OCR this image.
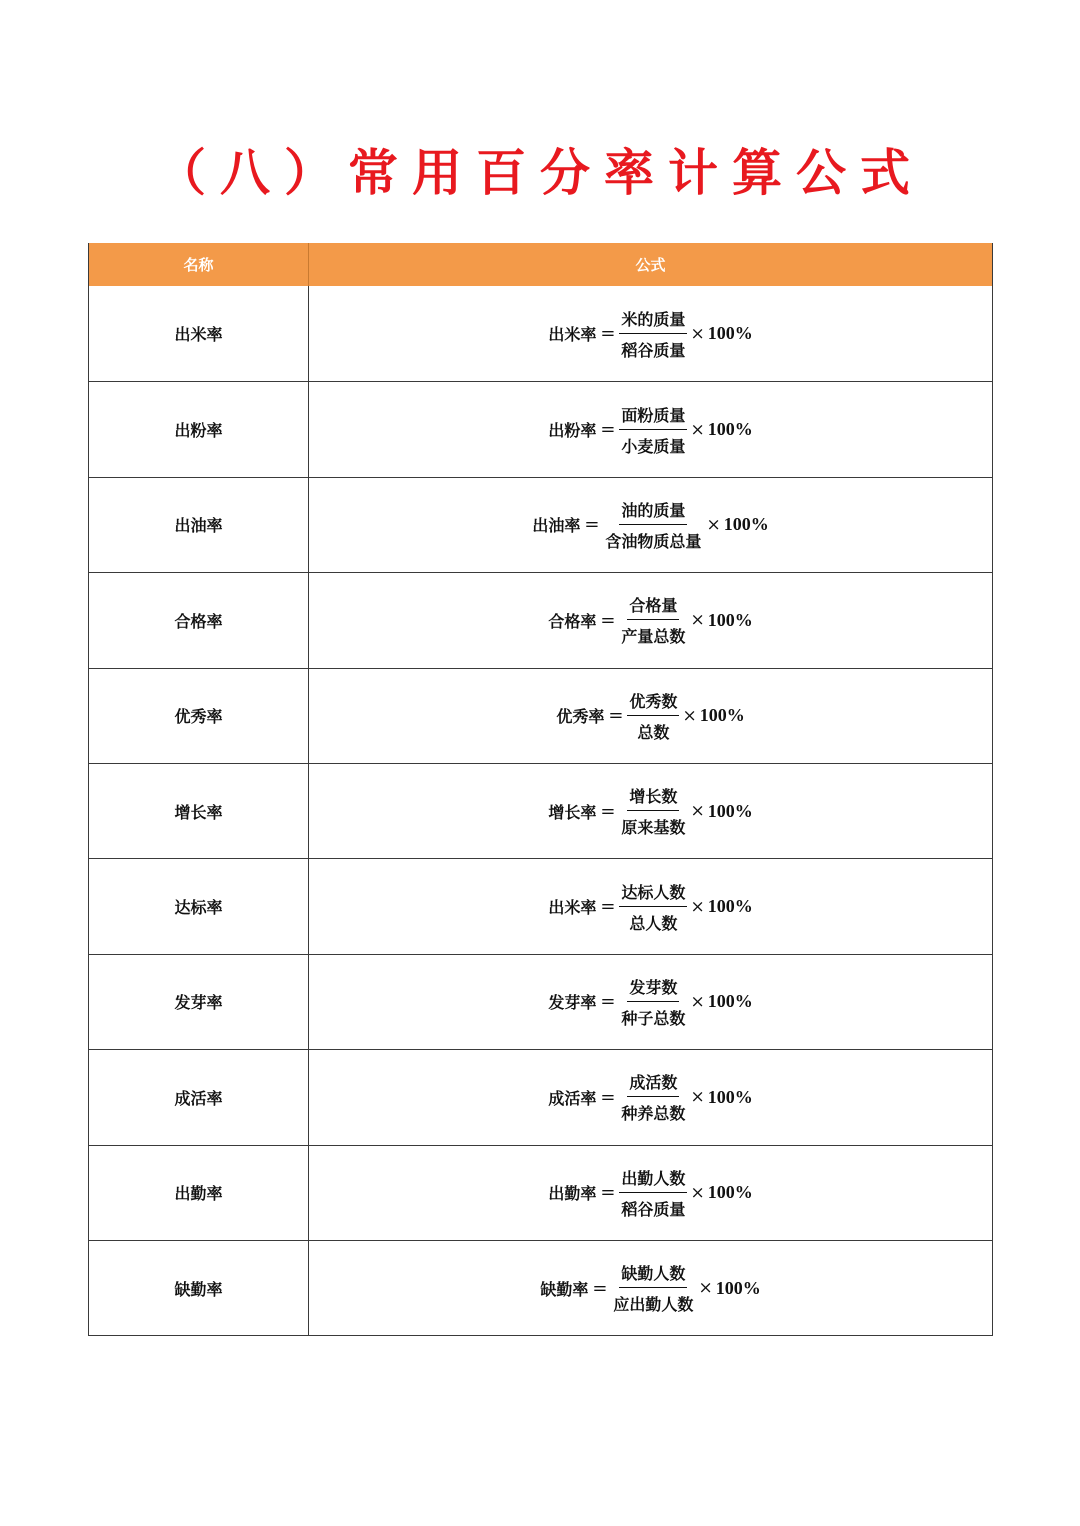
（八）常用百分率计算公式
名称	公式
出米率	出米率 = $\frac{\text{米的质量}}{\text{稻谷质量}} \times 100\%$
出粉率	出粉率 = $\frac{\text{面粉质量}}{\text{小麦质量}} \times 100\%$
出油率	出油率 = $\frac{\text{油的质量}}{\text{含油物质总量}} \times 100\%$
合格率	合格率 = $\frac{\text{合格量}}{\text{产量总数}} \times 100\%$
优秀率	优秀率 = $\frac{\text{优秀数}}{\text{总数}} \times 100\%$
增长率	增长率 = $\frac{\text{增长数}}{\text{原来基数}} \times 100\%$
达标率	出米率 = $\frac{\text{达标人数}}{\text{总人数}} \times 100\%$
发芽率	发芽率 = $\frac{\text{发芽数}}{\text{种子总数}} \times 100\%$
成活率	成活率 = $\frac{\text{成活数}}{\text{种养总数}} \times 100\%$
出勤率	出勤率 = $\frac{\text{出勤人数}}{\text{稻谷质量}} \times 100\%$
缺勤率	缺勤率 = $\frac{\text{缺勤人数}}{\text{应出勤人数}} \times 100\%$
